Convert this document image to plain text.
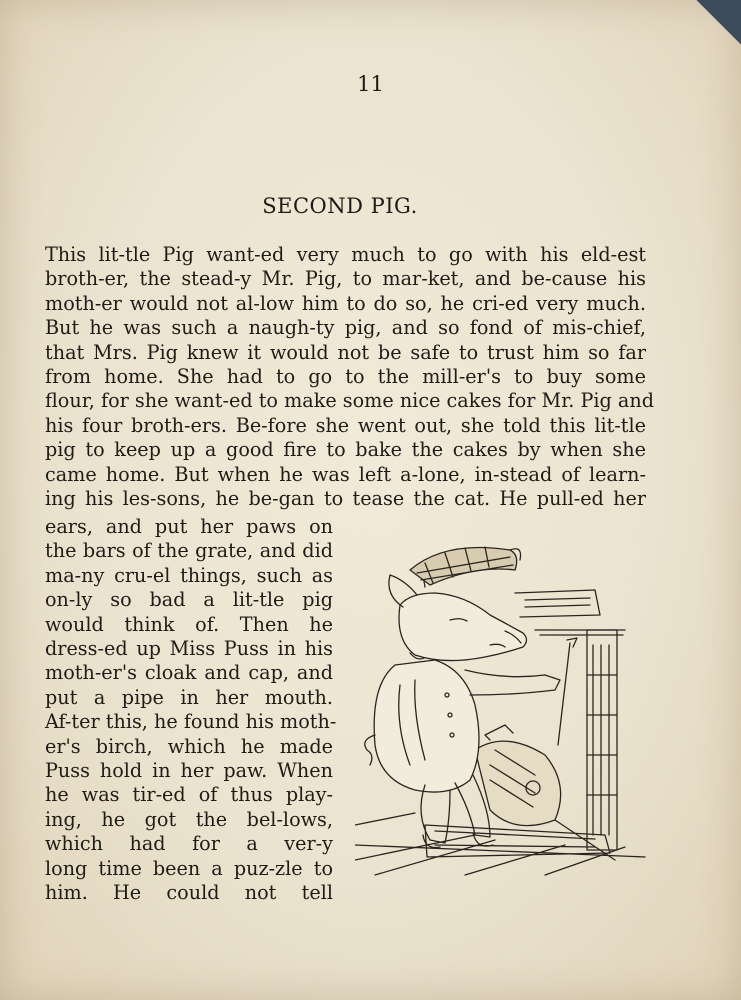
11
SECOND PIG.
This lit-tle Pig want-ed very much to go with his eld-est
broth-er, the stead-y Mr. Pig, to mar-ket, and be-cause his
moth-er would not al-low him to do so, he cri-ed very much.
But he was such a naugh-ty pig, and so fond of mis-chief,
that Mrs. Pig knew it would not be safe to trust him so far
from home. She had to go to the mill-er's to buy some
flour, for she want-ed to make some nice cakes for Mr. Pig and
his four broth-ers. Be-fore she went out, she told this lit-tle
pig to keep up a good fire to bake the cakes by when she
came home. But when he was left a-lone, in-stead of learn-
ing his les-sons, he be-gan to tease the cat. He pull-ed her
ears, and put her paws on
the bars of the grate, and did
ma-ny cru-el things, such as
on-ly so bad a lit-tle pig
would think of. Then he
dress-ed up Miss Puss in his
moth-er's cloak and cap, and
put a pipe in her mouth.
Af-ter this, he found his moth-
er's birch, which he made
Puss hold in her paw. When
he was tir-ed of thus play-
ing, he got the bel-lows,
which had for a ver-y
long time been a puz-zle to
him. He could not tell
